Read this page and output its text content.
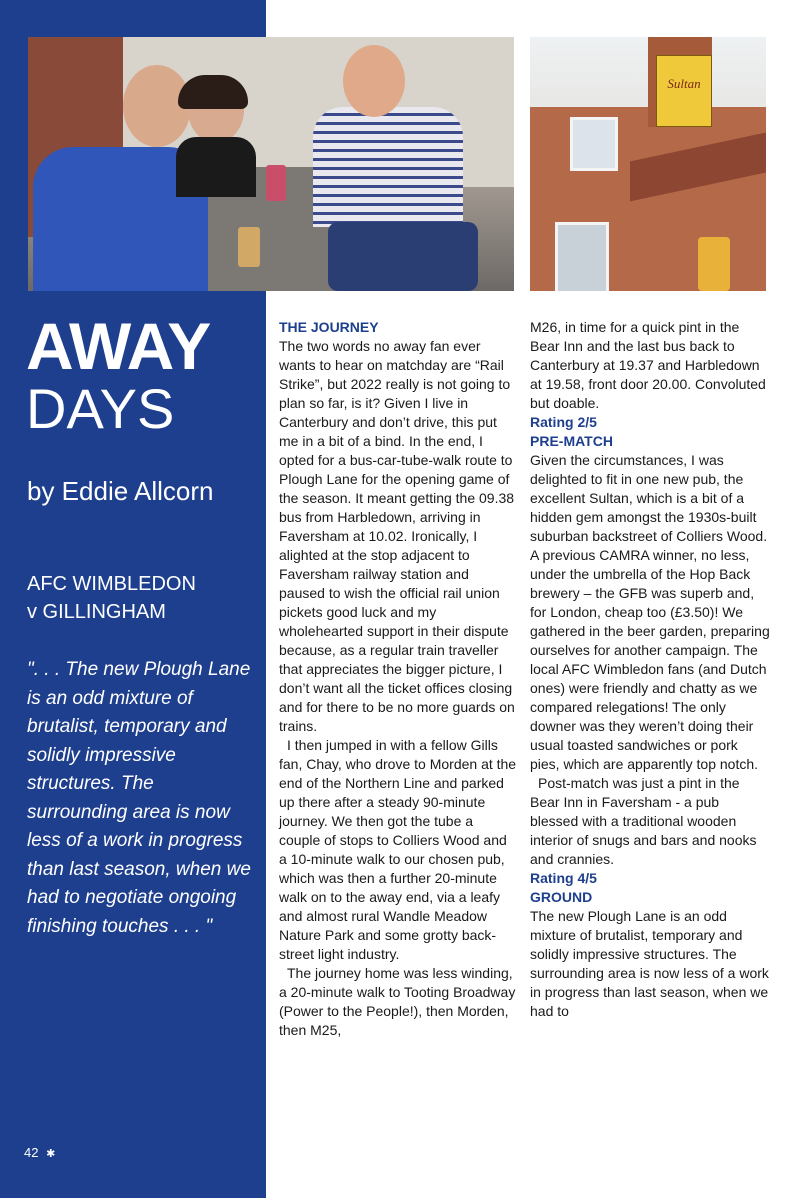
Sultan
AWAY
DAYS

by Eddie Allcorn

AFC WIMBLEDON
v GILLINGHAM

". . . The new Plough Lane is an odd mixture of brutalist, temporary and solidly impressive structures. The surrounding area is now less of a work in progress than last season, when we had to negotiate ongoing finishing touches . . . "

42 ✱
THE JOURNEY

The two words no away fan ever wants to hear on matchday are “Rail Strike”, but 2022 really is not going to plan so far, is it? Given I live in Canterbury and don’t drive, this put me in a bit of a bind. In the end, I opted for a bus-car-tube-walk route to Plough Lane for the opening game of the season. It meant getting the 09.38 bus from Harbledown, arriving in Faversham at 10.02. Ironically, I alighted at the stop adjacent to Faversham railway station and paused to wish the official rail union pickets good luck and my wholehearted support in their dispute because, as a regular train traveller that appreciates the bigger picture, I don’t want all the ticket offices closing and for there to be no more guards on trains.

I then jumped in with a fellow Gills fan, Chay, who drove to Morden at the end of the Northern Line and parked up there after a steady 90-minute journey. We then got the tube a couple of stops to Colliers Wood and a 10-minute walk to our chosen pub, which was then a further 20-minute walk on to the away end, via a leafy and almost rural Wandle Meadow Nature Park and some grotty back-street light industry.

The journey home was less winding, a 20-minute walk to Tooting Broadway (Power to the People!), then Morden, then M25,

M26, in time for a quick pint in the Bear Inn and the last bus back to Canterbury at 19.37 and Harbledown at 19.58, front door 20.00. Convoluted but doable.

Rating 2/5

PRE-MATCH

Given the circumstances, I was delighted to fit in one new pub, the excellent Sultan, which is a bit of a hidden gem amongst the 1930s-built suburban backstreet of Colliers Wood. A previous CAMRA winner, no less, under the umbrella of the Hop Back brewery – the GFB was superb and, for London, cheap too (£3.50)! We gathered in the beer garden, preparing ourselves for another campaign. The local AFC Wimbledon fans (and Dutch ones) were friendly and chatty as we compared relegations! The only downer was they weren’t doing their usual toasted sandwiches or pork pies, which are apparently top notch.

Post-match was just a pint in the Bear Inn in Faversham - a pub blessed with a traditional wooden interior of snugs and bars and nooks and crannies.

Rating 4/5

GROUND

The new Plough Lane is an odd mixture of brutalist, temporary and solidly impressive structures. The surrounding area is now less of a work in progress than last season, when we had to
